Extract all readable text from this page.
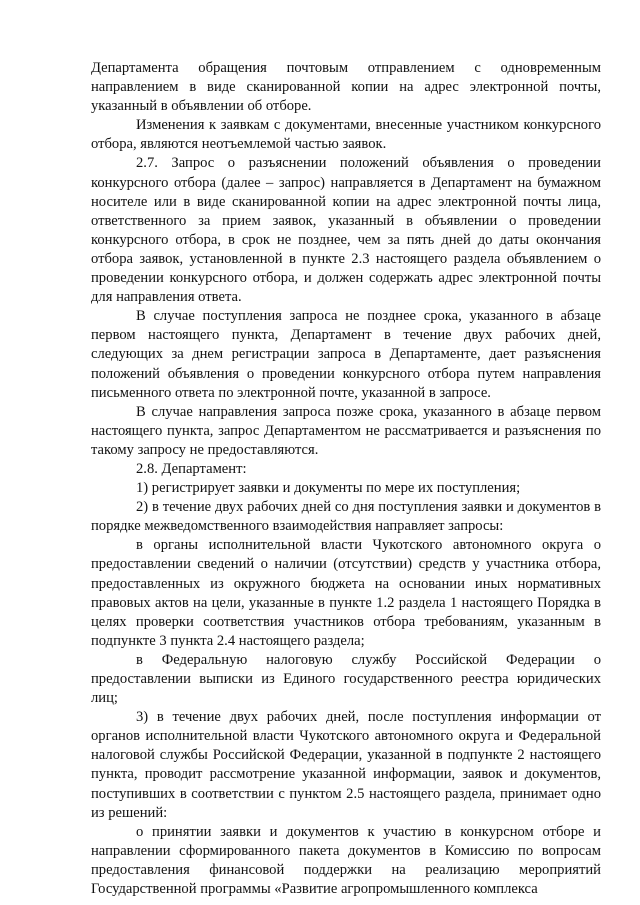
Департамента обращения почтовым отправлением с одновременным направлением в виде сканированной копии на адрес электронной почты, указанный в объявлении об отборе.

Изменения к заявкам с документами, внесенные участником конкурсного отбора, являются неотъемлемой частью заявок.

2.7. Запрос о разъяснении положений объявления о проведении конкурсного отбора (далее – запрос) направляется в Департамент на бумажном носителе или в виде сканированной копии на адрес электронной почты лица, ответственного за прием заявок, указанный в объявлении о проведении конкурсного отбора, в срок не позднее, чем за пять дней до даты окончания отбора заявок, установленной в пункте 2.3 настоящего раздела объявлением о проведении конкурсного отбора, и должен содержать адрес электронной почты для направления ответа.

В случае поступления запроса не позднее срока, указанного в абзаце первом настоящего пункта, Департамент в течение двух рабочих дней, следующих за днем регистрации запроса в Департаменте, дает разъяснения положений объявления о проведении конкурсного отбора путем направления письменного ответа по электронной почте, указанной в запросе.

В случае направления запроса позже срока, указанного в абзаце первом настоящего пункта, запрос Департаментом не рассматривается и разъяснения по такому запросу не предоставляются.

2.8. Департамент:

1) регистрирует заявки и документы по мере их поступления;

2) в течение двух рабочих дней со дня поступления заявки и документов в порядке межведомственного взаимодействия направляет запросы:

в органы исполнительной власти Чукотского автономного округа о предоставлении сведений о наличии (отсутствии) средств у участника отбора, предоставленных из окружного бюджета на основании иных нормативных правовых актов на цели, указанные в пункте 1.2 раздела 1 настоящего Порядка в целях проверки соответствия участников отбора требованиям, указанным в подпункте 3 пункта 2.4 настоящего раздела;

в Федеральную налоговую службу Российской Федерации о предоставлении выписки из Единого государственного реестра юридических лиц;

3) в течение двух рабочих дней, после поступления информации от органов исполнительной власти Чукотского автономного округа и Федеральной налоговой службы Российской Федерации, указанной в подпункте 2 настоящего пункта, проводит рассмотрение указанной информации, заявок и документов, поступивших в соответствии с пунктом 2.5 настоящего раздела, принимает одно из решений:

о принятии заявки и документов к участию в конкурсном отборе и направлении сформированного пакета документов в Комиссию по вопросам предоставления финансовой поддержки на реализацию мероприятий Государственной программы «Развитие агропромышленного комплекса
